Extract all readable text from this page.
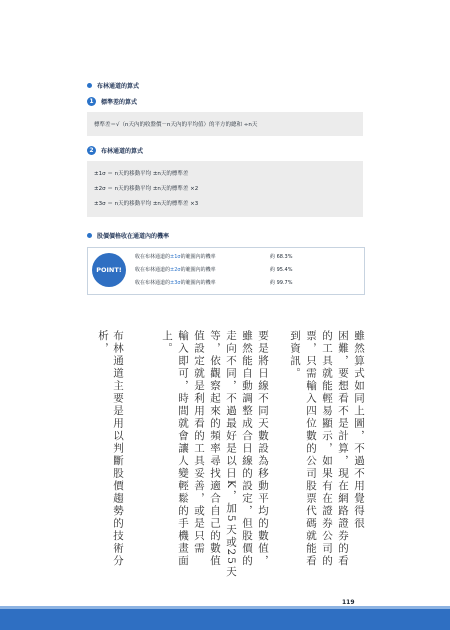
布林通道的算式
1	標準差的算式
標準差＝√（n天內的收盤價－n天內的平均值）的平方的總和 ÷n天
2	布林通道的算式
±1σ ＝ n天的移動平均 ±n天的標準差
±2σ ＝ n天的移動平均 ±n天的標準差 ×2
±3σ ＝ n天的移動平均 ±n天的標準差 ×3
股價價格收在通道內的機率
POINT!
收在布林通道的±1σ的範圍內的機率	約 68.3%
收在布林通道的±2σ的範圍內的機率	約 95.4%
收在布林通道的±3σ的範圍內的機率	約 99.7%
雖然算式如同上圖，不過不用覺得很
困難，要想看不是計算，現在網路證券的看
的工具就能輕易顯示，如果有在證券公司的
票，只需輸入四位數的公司股票代碼就能看
到資訊。
要是將日線不同天數設為移動平均的數值，
雖然能自動調整成合日線的設定，但股價的
走向不同，不過最好是以日K，加5天或25天
等，依觀察起來的頻率尋找適合自己的數值
值設定就是利用看的工具妥善，或是只需
輸入即可，時間就會讓人變輕鬆的手機畫面
上。
布林通道主要是用以判斷股價趨勢的技術分析，
119
